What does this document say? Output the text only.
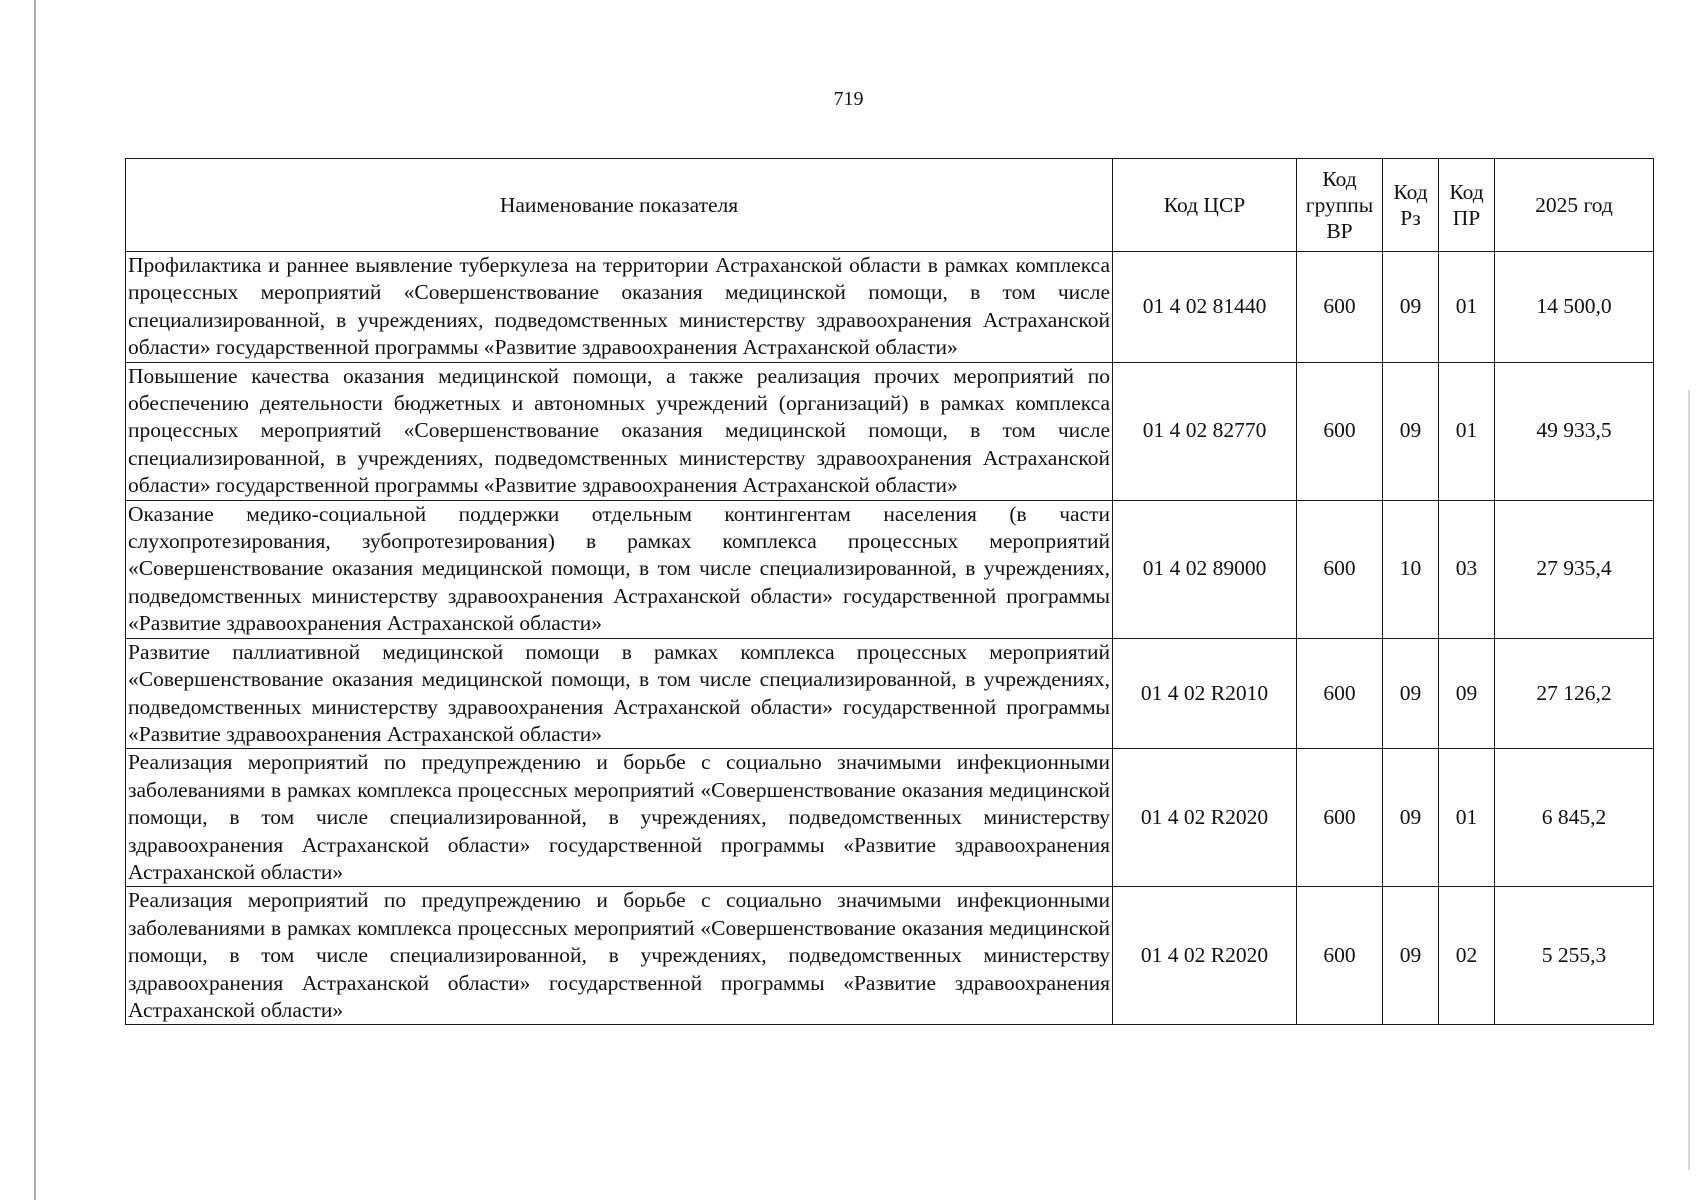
719
Наименование показателя	Код ЦСР	Код группы ВР	Код Рз	Код ПР	2025 год
Профилактика и раннее выявление туберкулеза на территории Астраханской области в рамках комплекса процессных мероприятий «Совершенствование оказания медицинской помощи, в том числе специализированной, в учреждениях, подведомственных министерству здравоохранения Астраханской области» государственной программы «Развитие здравоохранения Астраханской области»	01 4 02 81440	600	09	01	14 500,0
Повышение качества оказания медицинской помощи, а также реализация прочих мероприятий по обеспечению деятельности бюджетных и автономных учреждений (организаций) в рамках комплекса процессных мероприятий «Совершенствование оказания медицинской помощи, в том числе специализированной, в учреждениях, подведомственных министерству здравоохранения Астраханской области» государственной программы «Развитие здравоохранения Астраханской области»	01 4 02 82770	600	09	01	49 933,5
Оказание медико-социальной поддержки отдельным контингентам населения (в части слухопротезирования, зубопротезирования) в рамках комплекса процессных мероприятий «Совершенствование оказания медицинской помощи, в том числе специализированной, в учреждениях, подведомственных министерству здравоохранения Астраханской области» государственной программы «Развитие здравоохранения Астраханской области»	01 4 02 89000	600	10	03	27 935,4
Развитие паллиативной медицинской помощи в рамках комплекса процессных мероприятий «Совершенствование оказания медицинской помощи, в том числе специализированной, в учреждениях, подведомственных министерству здравоохранения Астраханской области» государственной программы «Развитие здравоохранения Астраханской области»	01 4 02 R2010	600	09	09	27 126,2
Реализация мероприятий по предупреждению и борьбе с социально значимыми инфекционными заболеваниями в рамках комплекса процессных мероприятий «Совершенствование оказания медицинской помощи, в том числе специализированной, в учреждениях, подведомственных министерству здравоохранения Астраханской области» государственной программы «Развитие здравоохранения Астраханской области»	01 4 02 R2020	600	09	01	6 845,2
Реализация мероприятий по предупреждению и борьбе с социально значимыми инфекционными заболеваниями в рамках комплекса процессных мероприятий «Совершенствование оказания медицинской помощи, в том числе специализированной, в учреждениях, подведомственных министерству здравоохранения Астраханской области» государственной программы «Развитие здравоохранения Астраханской области»	01 4 02 R2020	600	09	02	5 255,3
